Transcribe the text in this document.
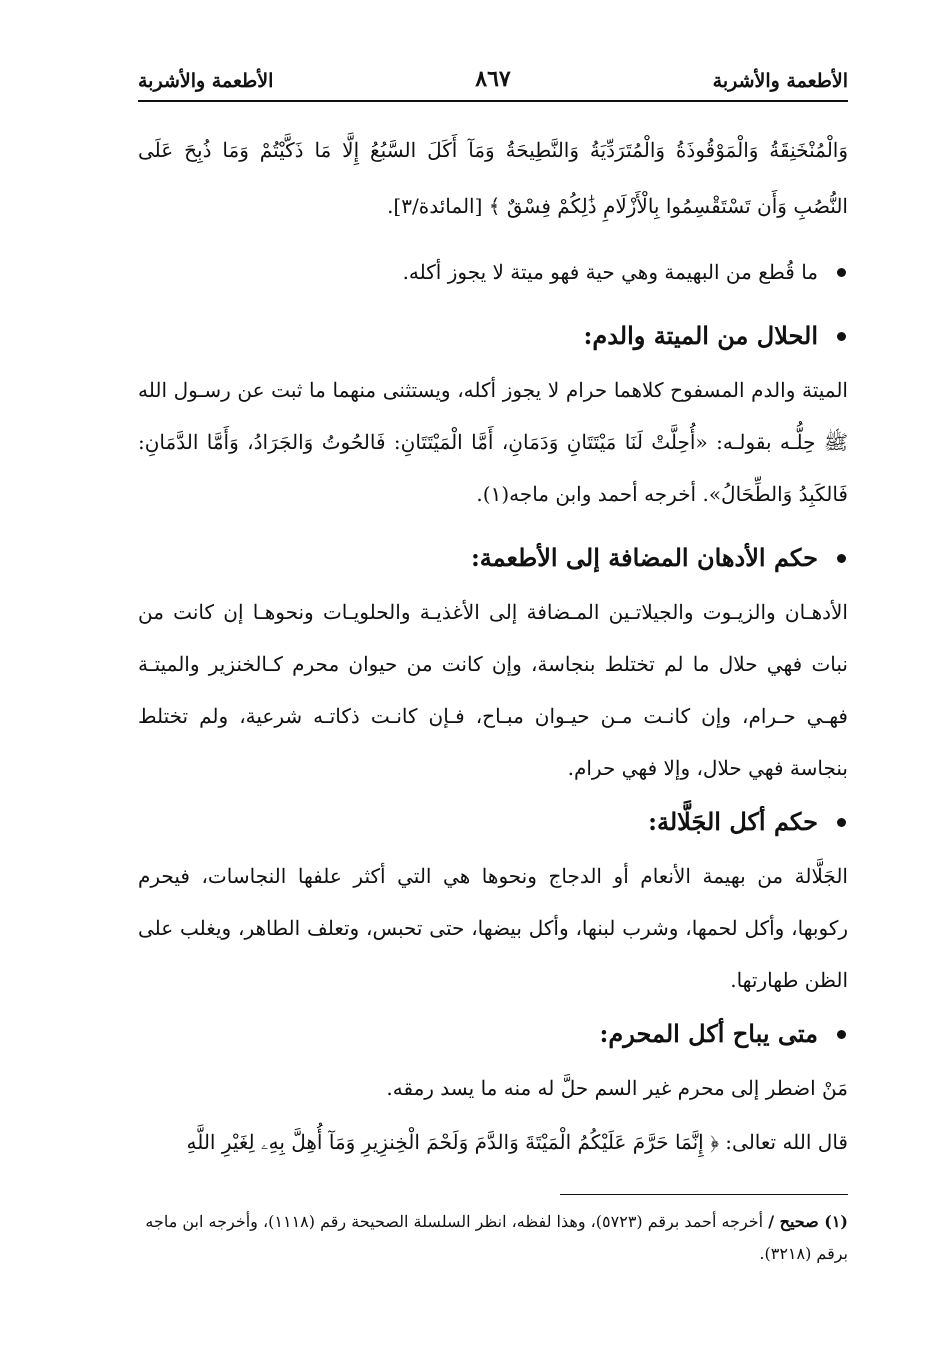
الأطعمة والأشربة
٨٦٧
الأطعمة والأشربة

وَالْمُنْخَنِقَةُ وَالْمَوْقُوذَةُ وَالْمُتَرَدِّيَةُ وَالنَّطِيحَةُ وَمَآ أَكَلَ السَّبُعُ إِلَّا مَا ذَكَّيْتُمْ وَمَا ذُبِحَ عَلَى النُّصُبِ وَأَن تَسْتَقْسِمُوا بِالْأَزْلَامِ ذَٰلِكُمْ فِسْقٌ ﴾ [المائدة/٣].

ما قُطع من البهيمة وهي حية فهو ميتة لا يجوز أكله.
الحلال من الميتة والدم:

الميتة والدم المسفوح كلاهما حرام لا يجوز أكله، ويستثنى منهما ما ثبت عن رسـول الله ﷺ حِلُّـه بقولـه: «أُحِلَّتْ لَنَا مَيْتَتَانِ وَدَمَانِ، أَمَّا الْمَيْتَتَانِ: فَالحُوتُ وَالجَرَادُ، وَأَمَّا الدَّمَانِ: فَالكَبِدُ وَالطِّحَالُ». أخرجه أحمد وابن ماجه(١).

حكم الأدهان المضافة إلى الأطعمة:

الأدهـان والزيـوت والجيلاتـين المـضافة إلى الأغذيـة والحلويـات ونحوهـا إن كانت من نبات فهي حلال ما لم تختلط بنجاسة، وإن كانت من حيوان محرم كـالخنزير والميتـة فهـي حـرام، وإن كانـت مـن حيـوان مبـاح، فـإن كانـت ذكاتـه شرعية، ولم تختلط بنجاسة فهي حلال، وإلا فهي حرام.

حكم أكل الجَلَّالة:

الجَلَّالة من بهيمة الأنعام أو الدجاج ونحوها هي التي أكثر علفها النجاسات، فيحرم ركوبها، وأكل لحمها، وشرب لبنها، وأكل بيضها، حتى تحبس، وتعلف الطاهر، ويغلب على الظن طهارتها.

متى يباح أكل المحرم:

مَنْ اضطر إلى محرم غير السم حلَّ له منه ما يسد رمقه.

قال الله تعالى: ﴿ إِنَّمَا حَرَّمَ عَلَيْكُمُ الْمَيْتَةَ وَالدَّمَ وَلَحْمَ الْخِنزِيرِ وَمَآ أُهِلَّ بِهِۦ لِغَيْرِ اللَّهِ

(١) صحيح / أخرجه أحمد برقم (٥٧٢٣)، وهذا لفظه، انظر السلسلة الصحيحة رقم (١١١٨)، وأخرجه ابن ماجه برقم (٣٢١٨).
